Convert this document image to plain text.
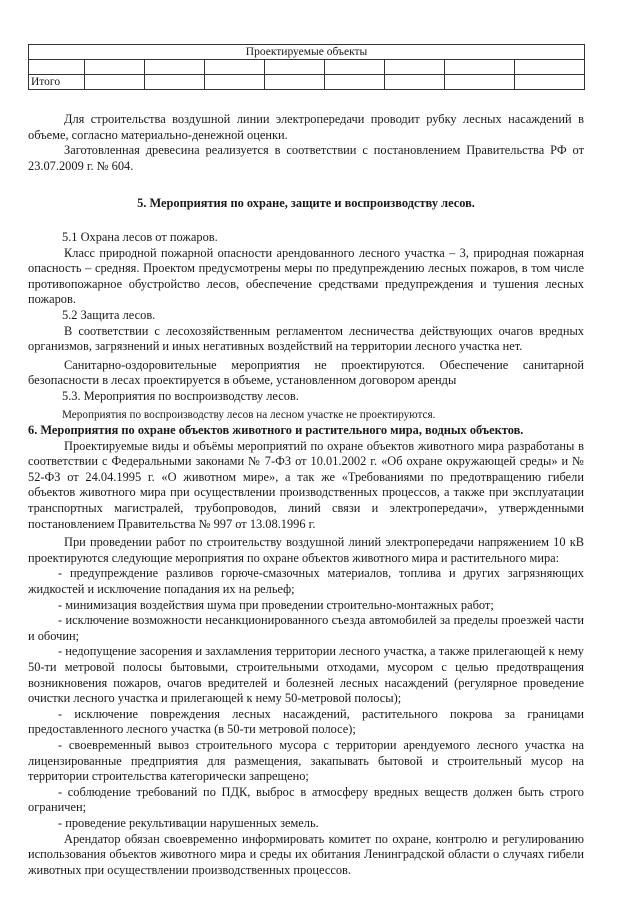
Проектируемые объекты								

Итого								

Для строительства воздушной линии электропередачи проводит рубку лесных насаждений в объеме, согласно материально-денежной оценки.

Заготовленная древесина реализуется в соответствии с постановлением Правительства РФ от 23.07.2009 г. № 604.

5. Мероприятия по охране, защите и воспроизводству лесов.

5.1 Охрана лесов от пожаров.

Класс природной пожарной опасности арендованного лесного участка – 3, природная пожарная опасность – средняя. Проектом предусмотрены меры по предупреждению лесных пожаров, в том числе противопожарное обустройство лесов, обеспечение средствами предупреждения и тушения лесных пожаров.

5.2 Защита лесов.

В соответствии с лесохозяйственным регламентом лесничества действующих очагов вредных организмов, загрязнений и иных негативных воздействий на территории лесного участка нет.

Санитарно-оздоровительные мероприятия не проектируются. Обеспечение санитарной безопасности в лесах проектируется в объеме, установленном договором аренды

5.3. Мероприятия по воспроизводству лесов.

Мероприятия по воспроизводству лесов на лесном участке не проектируются.

6. Мероприятия по охране объектов животного и растительного мира, водных объектов.

Проектируемые виды и объёмы мероприятий по охране объектов животного мира разработаны в соответствии с Федеральными законами № 7-ФЗ от 10.01.2002 г. «Об охране окружающей среды» и № 52-ФЗ от 24.04.1995 г. «О животном мире», а так же «Требованиями по предотвращению гибели объектов животного мира при осуществлении производственных процессов, а также при эксплуатации транспортных магистралей, трубопроводов, линий связи и электропередачи», утвержденными постановлением Правительства № 997 от 13.08.1996 г.

При проведении работ по строительству воздушной линий электропередачи напряжением 10 кВ проектируются следующие мероприятия по охране объектов животного мира и растительного мира:

- предупреждение разливов горюче-смазочных материалов, топлива и других загрязняющих жидкостей и исключение попадания их на рельеф;

- минимизация воздействия шума при проведении строительно-монтажных работ;

- исключение возможности несанкционированного съезда автомобилей за пределы проезжей части и обочин;

- недопущение засорения и захламления территории лесного участка, а также прилегающей к нему 50-ти метровой полосы бытовыми, строительными отходами, мусором с целью предотвращения возникновения пожаров, очагов вредителей и болезней лесных насаждений (регулярное проведение очистки лесного участка и прилегающей к нему 50-метровой полосы);

- исключение повреждения лесных насаждений, растительного покрова за границами предоставленного лесного участка (в 50-ти метровой полосе);

- своевременный вывоз строительного мусора с территории арендуемого лесного участка на лицензированные предприятия для размещения, закапывать бытовой и строительный мусор на территории строительства категорически запрещено;

- соблюдение требований по ПДК, выброс в атмосферу вредных веществ должен быть строго ограничен;

- проведение рекультивации нарушенных земель.

Арендатор обязан своевременно информировать комитет по охране, контролю и регулированию использования объектов животного мира и среды их обитания Ленинградской области о случаях гибели животных при осуществлении производственных процессов.
